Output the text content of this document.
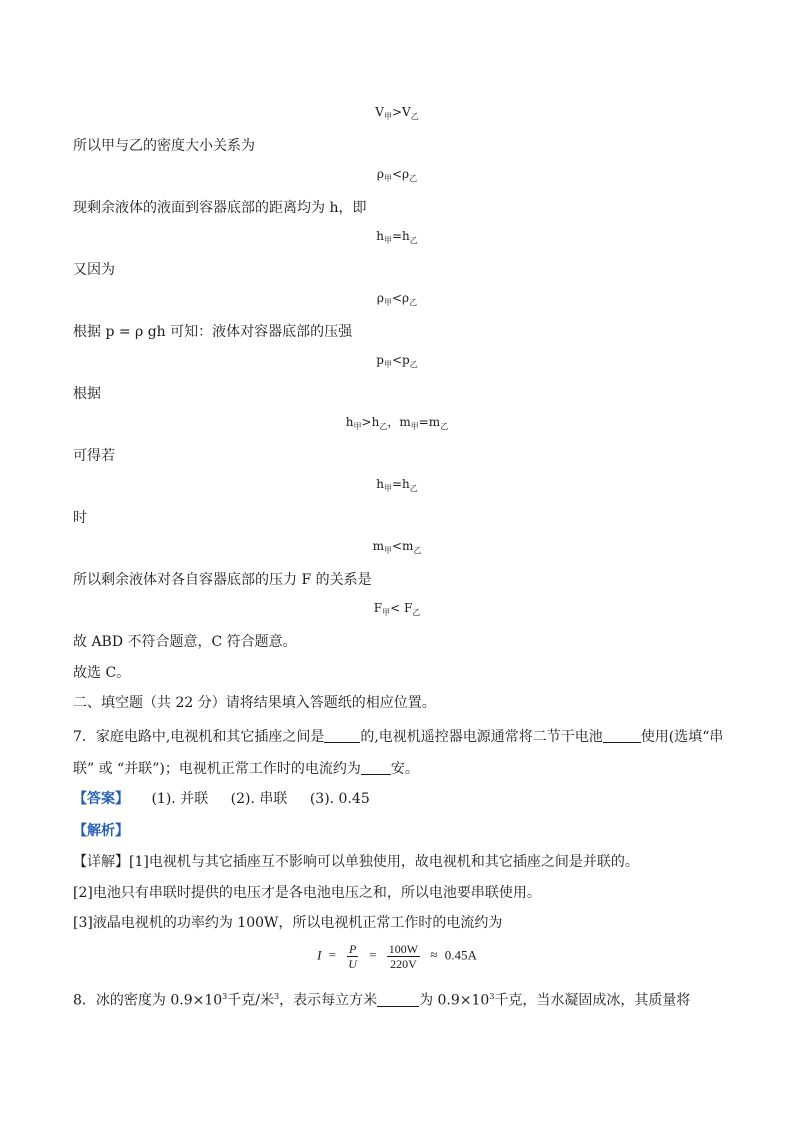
$V_甲>V_乙$
所以甲与乙的密度大小关系为
$\rho_甲<\rho_乙$
现剩余液体的液面到容器底部的距离均为 h，即
$h_甲=h_乙$
又因为
$\rho_甲<\rho_乙$
根据 p = ρ gh 可知：液体对容器底部的压强
$p_甲<p_乙$
根据
$h_甲>h_乙$，$m_甲=m_乙$
可得若
$h_甲=h_乙$
时
$m_甲<m_乙$
所以剩余液体对各自容器底部的压力 F 的关系是
$F_甲< F_乙$
故 ABD 不符合题意，C 符合题意。
故选 C。
二、填空题（共 22 分）请将结果填入答题纸的相应位置。
7．家庭电路中,电视机和其它插座之间是	的,电视机遥控器电源通常将二节干电池	使用(选填“串
联” 或 “并联”)；电视机正常工作时的电流约为 安。
【答案】 (1). 并联 (2). 串联 (3). 0.45
【解析】
【详解】[1]电视机与其它插座互不影响可以单独使用，故电视机和其它插座之间是并联的。
[2]电池只有串联时提供的电压才是各电池电压之和，所以电池要串联使用。
[3]液晶电视机的功率约为 100W，所以电视机正常工作时的电流约为
$I = \frac{P}{U} = \frac{100W}{220V} \approx 0.45A$
8．冰的密度为 $0.9\times 10^3$千克/米$^3$，表示每立方米	为 $0.9\times 10^3$千克，当水凝固成冰，其质量将
